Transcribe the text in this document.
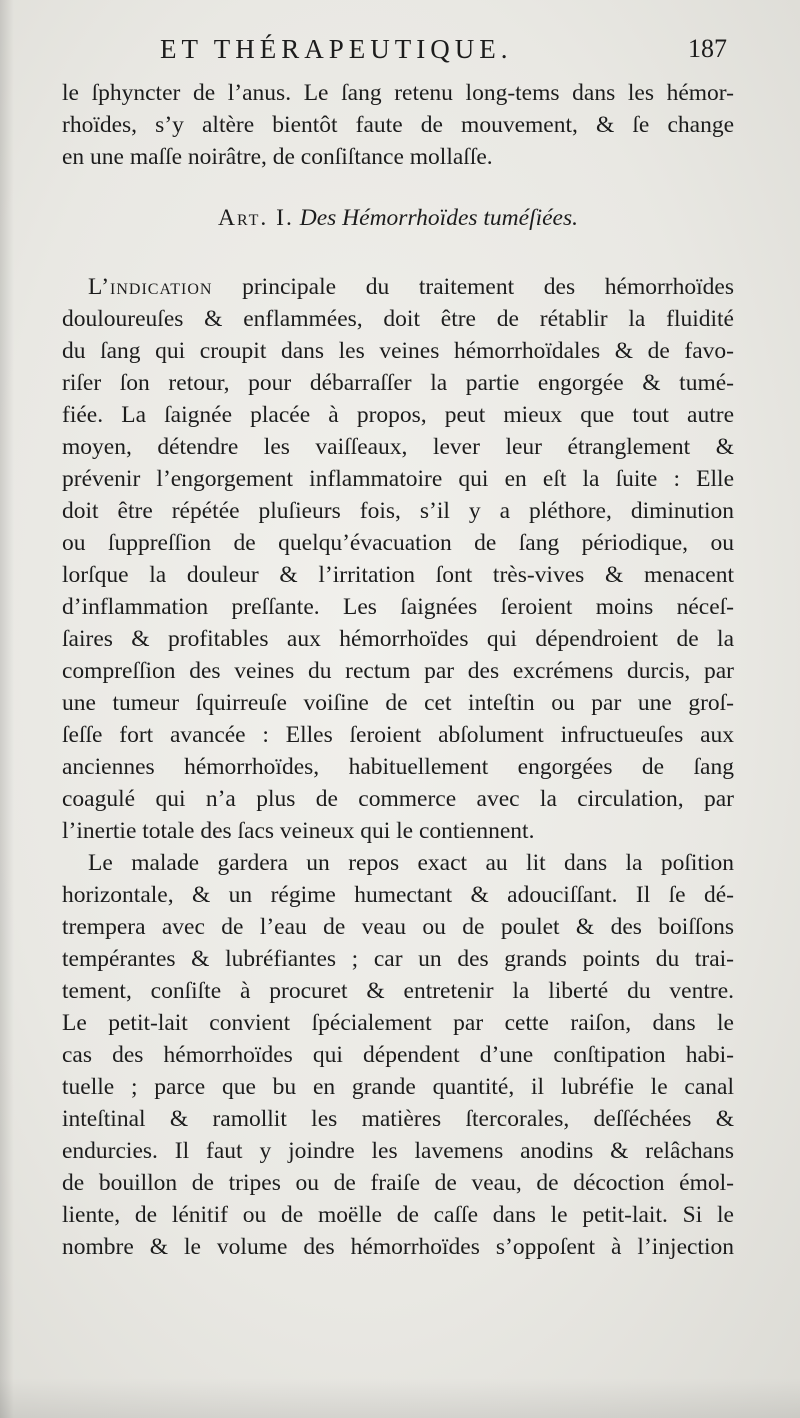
ET THÉRAPEUTIQUE.	187
le ſphyncter de l’anus. Le ſang retenu long-tems dans les hémor-
rhoïdes, s’y altère bientôt faute de mouvement, & ſe change
en une maſſe noirâtre, de conſiſtance mollaſſe.
Art. I. Des Hémorrhoïdes tuméſiées.
L’indication principale du traitement des hémorrhoïdes
douloureuſes & enflammées, doit être de rétablir la fluidité
du ſang qui croupit dans les veines hémorrhoïdales & de favo-
riſer ſon retour, pour débarraſſer la partie engorgée & tumé-
fiée. La ſaignée placée à propos, peut mieux que tout autre
moyen, détendre les vaiſſeaux, lever leur étranglement &
prévenir l’engorgement inflammatoire qui en eſt la ſuite : Elle
doit être répétée pluſieurs fois, s’il y a pléthore, diminution
ou ſuppreſſion de quelqu’évacuation de ſang périodique, ou
lorſque la douleur & l’irritation ſont très-vives & menacent
d’inflammation preſſante. Les ſaignées ſeroient moins néceſ-
ſaires & profitables aux hémorrhoïdes qui dépendroient de la
compreſſion des veines du rectum par des excrémens durcis, par
une tumeur ſquirreuſe voiſine de cet inteſtin ou par une groſ-
ſeſſe fort avancée : Elles ſeroient abſolument infructueuſes aux
anciennes hémorrhoïdes, habituellement engorgées de ſang
coagulé qui n’a plus de commerce avec la circulation, par
l’inertie totale des ſacs veineux qui le contiennent.
Le malade gardera un repos exact au lit dans la poſition
horizontale, & un régime humectant & adouciſſant. Il ſe dé-
trempera avec de l’eau de veau ou de poulet & des boiſſons
tempérantes & lubréfiantes ; car un des grands points du trai-
tement, conſiſte à procuret & entretenir la liberté du ventre.
Le petit-lait convient ſpécialement par cette raiſon, dans le
cas des hémorrhoïdes qui dépendent d’une conſtipation habi-
tuelle ; parce que bu en grande quantité, il lubréfie le canal
inteſtinal & ramollit les matières ſtercorales, deſſéchées &
endurcies. Il faut y joindre les lavemens anodins & relâchans
de bouillon de tripes ou de fraiſe de veau, de décoction émol-
liente, de lénitif ou de moëlle de caſſe dans le petit-lait. Si le
nombre & le volume des hémorrhoïdes s’oppoſent à l’injection
